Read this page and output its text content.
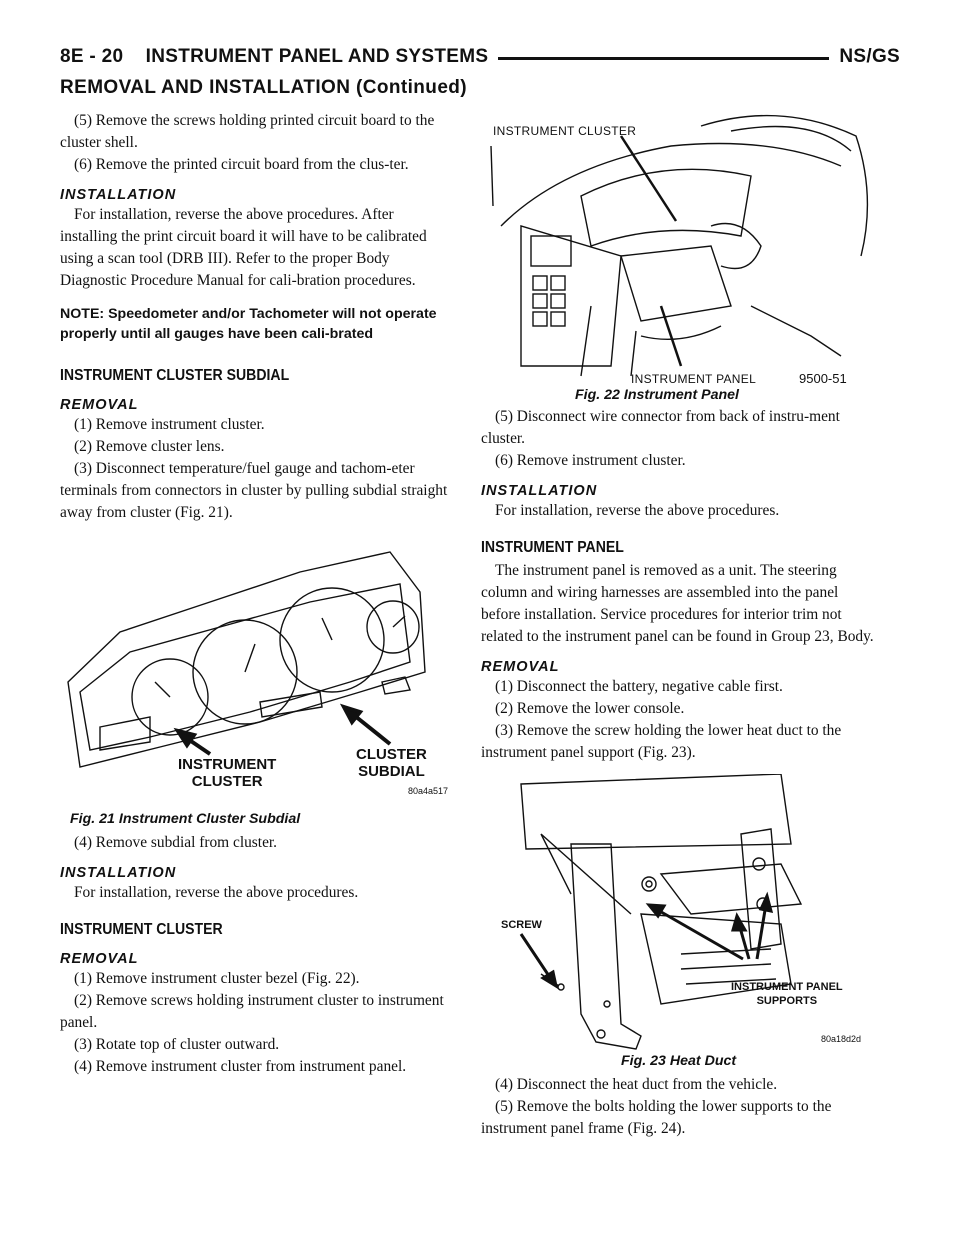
8E - 20    INSTRUMENT PANEL AND SYSTEMS	NS/GS
REMOVAL AND INSTALLATION (Continued)

(5) Remove the screws holding printed circuit board to the cluster shell.

(6) Remove the printed circuit board from the clus-ter.

INSTALLATION

For installation, reverse the above procedures. After installing the print circuit board it will have to be calibrated using a scan tool (DRB III). Refer to the proper Body Diagnostic Procedure Manual for cali-bration procedures.

NOTE: Speedometer and/or Tachometer will not operate properly until all gauges have been cali-brated

INSTRUMENT CLUSTER SUBDIAL
REMOVAL

(1) Remove instrument cluster.

(2) Remove cluster lens.

(3) Disconnect temperature/fuel gauge and tachom-eter terminals from connectors in cluster by pulling subdial straight away from cluster (Fig. 21).

INSTRUMENT
CLUSTER
CLUSTER
SUBDIAL
80a4a517
Fig. 21 Instrument Cluster Subdial

(4) Remove subdial from cluster.

INSTALLATION

For installation, reverse the above procedures.

INSTRUMENT CLUSTER
REMOVAL

(1) Remove instrument cluster bezel (Fig. 22).

(2) Remove screws holding instrument cluster to instrument panel.

(3) Rotate top of cluster outward.

(4) Remove instrument cluster from instrument panel.

INSTRUMENT CLUSTER
INSTRUMENT PANEL	9500-51
Fig. 22 Instrument Panel

(5) Disconnect wire connector from back of instru-ment cluster.

(6) Remove instrument cluster.

INSTALLATION

For installation, reverse the above procedures.

INSTRUMENT PANEL

The instrument panel is removed as a unit. The steering column and wiring harnesses are assembled into the panel before installation. Service procedures for interior trim not related to the instrument panel can be found in Group 23, Body.

REMOVAL

(1) Disconnect the battery, negative cable first.

(2) Remove the lower console.

(3) Remove the screw holding the lower heat duct to the instrument panel support (Fig. 23).

SCREW
INSTRUMENT PANEL
SUPPORTS
80a18d2d
Fig. 23 Heat Duct

(4) Disconnect the heat duct from the vehicle.

(5) Remove the bolts holding the lower supports to the instrument panel frame (Fig. 24).
